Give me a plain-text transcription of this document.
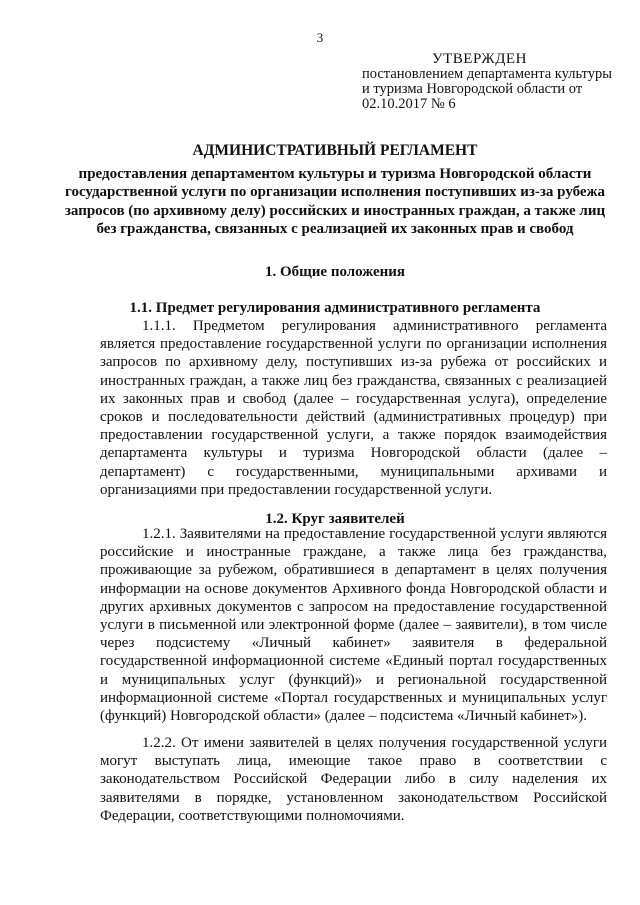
3
УТВЕРЖДЕН
постановлением департамента культуры и туризма Новгородской области от 02.10.2017 № 6
АДМИНИСТРАТИВНЫЙ РЕГЛАМЕНТ
предоставления департаментом культуры и туризма Новгородской области государственной услуги по организации исполнения поступивших из-за рубежа запросов (по архивному делу) российских и иностранных граждан, а также лиц без гражданства, связанных с реализацией их законных прав и свобод
1. Общие положения
1.1. Предмет регулирования административного регламента
1.1.1. Предметом регулирования административного регламента является предоставление государственной услуги по организации исполнения запросов по архивному делу, поступивших из-за рубежа от российских и иностранных граждан, а также лиц без гражданства, связанных с реализацией их законных прав и свобод (далее – государственная услуга), определение сроков и последовательности действий (административных процедур) при предоставлении государственной услуги, а также порядок взаимодействия департамента культуры и туризма Новгородской области (далее – департамент) с государственными, муниципальными архивами и организациями при предоставлении государственной услуги.
1.2. Круг заявителей
1.2.1. Заявителями на предоставление государственной услуги являются российские и иностранные граждане, а также лица без гражданства, проживающие за рубежом, обратившиеся в департамент в целях получения информации на основе документов Архивного фонда Новгородской области и других архивных документов с запросом на предоставление государственной услуги в письменной или электронной форме (далее – заявители), в том числе через подсистему «Личный кабинет» заявителя в федеральной государственной информационной системе «Единый портал государственных и муниципальных услуг (функций)» и региональной государственной информационной системе «Портал государственных и муниципальных услуг (функций) Новгородской области» (далее – подсистема «Личный кабинет»).
1.2.2. От имени заявителей в целях получения государственной услуги могут выступать лица, имеющие такое право в соответствии с законодательством Российской Федерации либо в силу наделения их заявителями в порядке, установленном законодательством Российской Федерации, соответствующими полномочиями.
